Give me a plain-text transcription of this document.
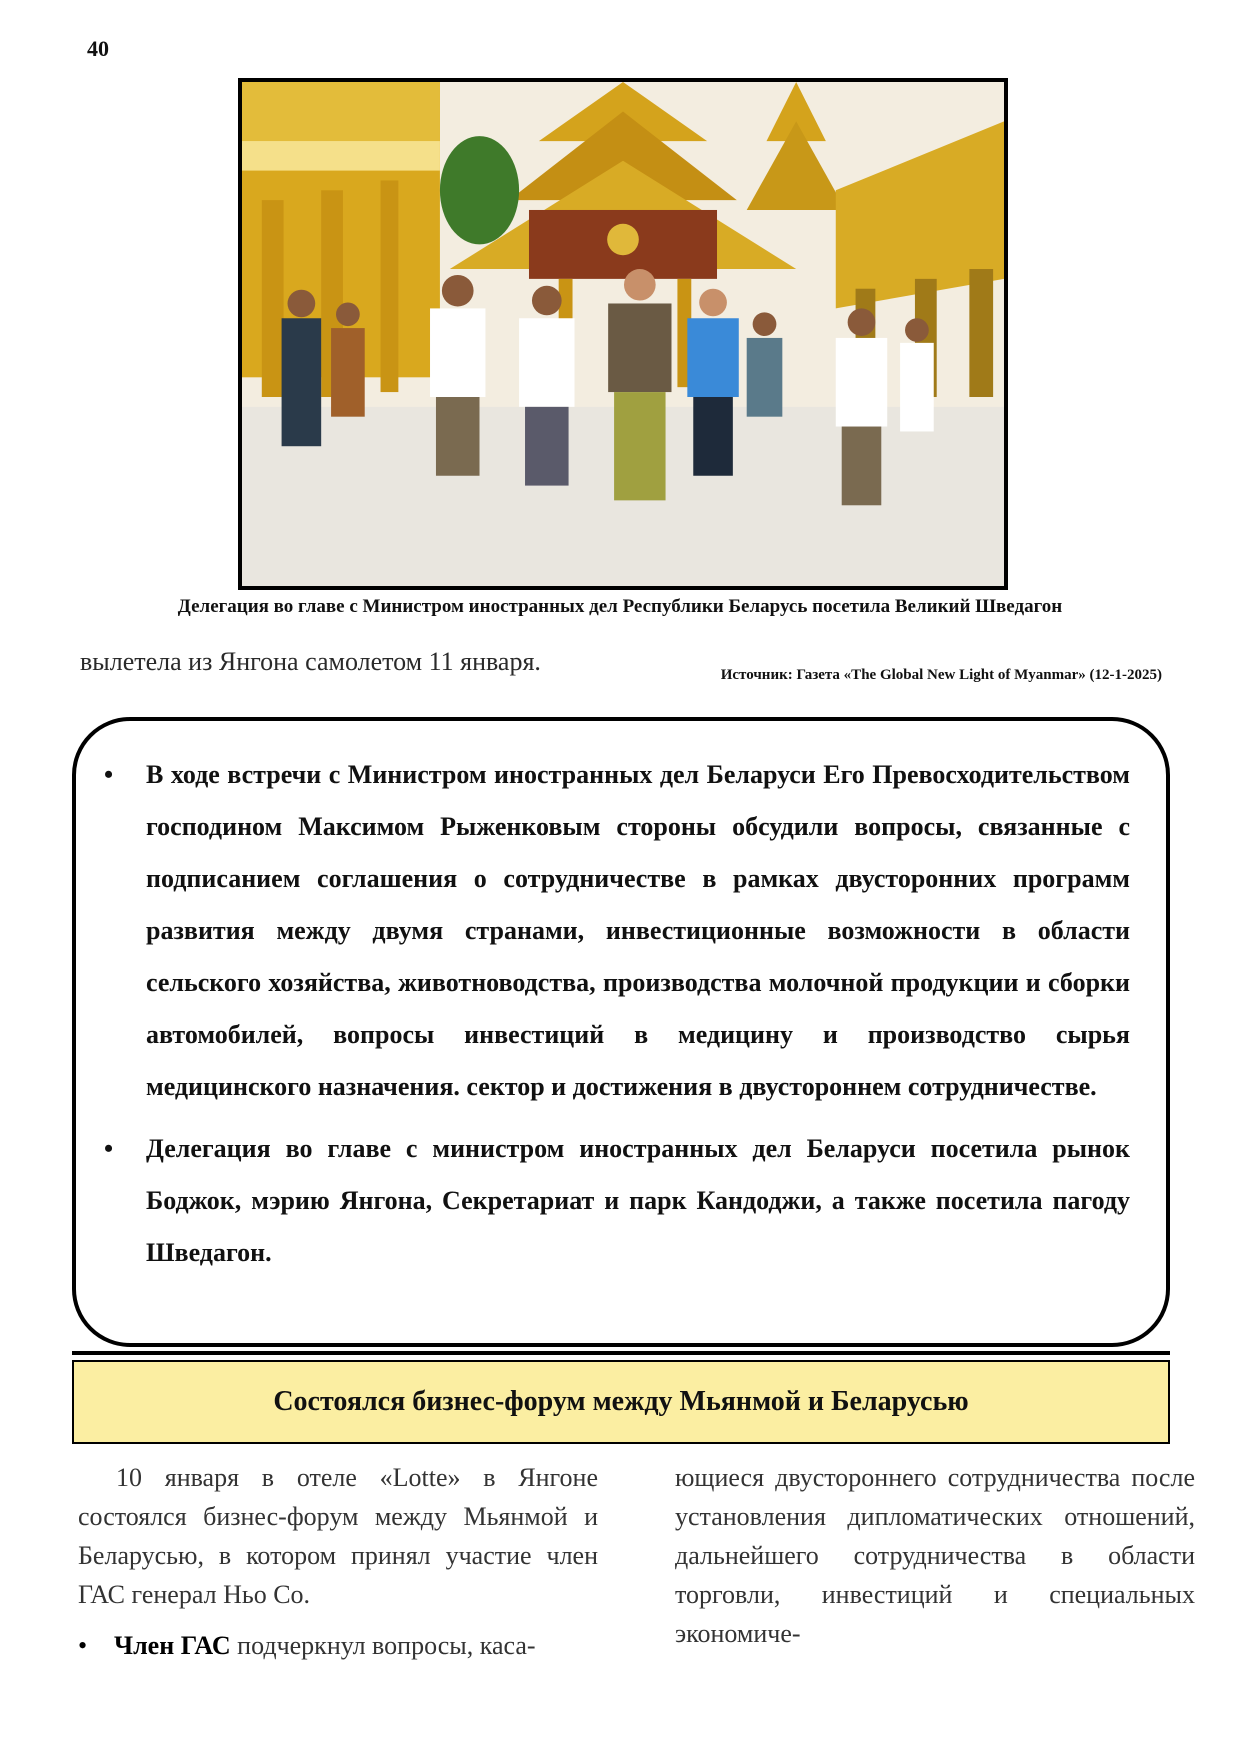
40
Делегация во главе с Министром иностранных дел Республики Беларусь посетила Великий Шведагон
вылетела из Янгона самолетом 11 января.	Источник: Газета «The Global New Light of Myanmar» (12-1-2025)
• В ходе встречи с Министром иностранных дел Беларуси Его Превосходительством господином Максимом Рыженковым стороны обсудили вопросы, связанные с подписанием соглашения о сотрудничестве в рамках двусторонних программ развития между двумя странами, инвестиционные возможности в области сельского хозяйства, животноводства, производства молочной продукции и сборки автомобилей, вопросы инвестиций в медицину и производство сырья медицинского назначения. сектор и достижения в двустороннем сотрудничестве.
• Делегация во главе с министром иностранных дел Беларуси посетила рынок Боджок, мэрию Янгона, Секретариат и парк Кандоджи, а также посетила пагоду Шведагон.
Состоялся бизнес-форум между Мьянмой и Беларусью

10 января в отеле «Lotte» в Янгоне состоялся бизнес-форум между Мьянмой и Беларусью, в котором принял участие член ГАС генерал Ньо Со.

• Член ГАС подчеркнул вопросы, каса-

ющиеся двустороннего сотрудничества после установления дипломатических отношений, дальнейшего сотрудничества в области торговли, инвестиций и специальных экономиче-
